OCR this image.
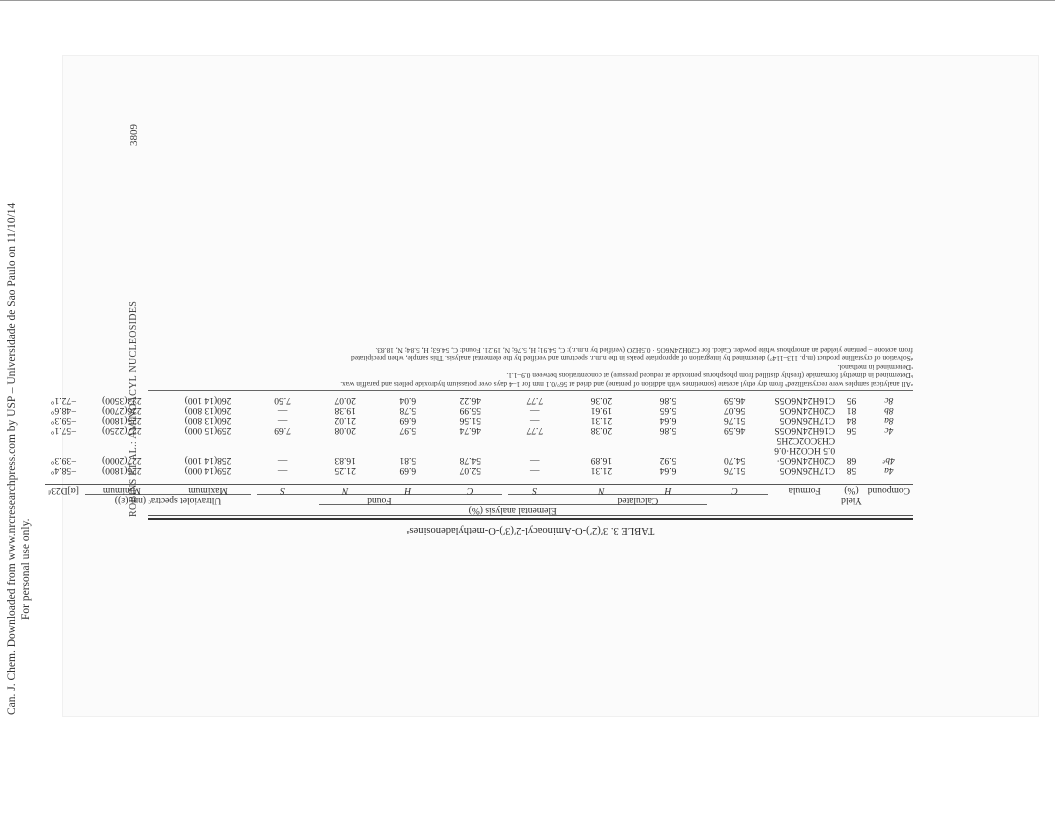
Can. J. Chem. Downloaded from www.nrcresearchpress.com by USP – Universidade de Sao Paulo on 11/10/14 For personal use only.
3809
ROBINS ET AL.: AMINOACYL NUCLEOSIDES
TABLE 3. 3′(2′)-O-Aminoacyl-2′(3′)-O-methyladenosinesᵃ
			Elemental analysis (%)										
	Yield		Calculated				Found				Ultraviolet spectraᶜ (nm (ε))		
Compound	(%)	Formula	C	H	N	S	C	H	N	S	Maximum	Minimum	[α]D23ᵈ

4a	58	C17H26N6O5	51.76	6.64	21.31	—	52.07	6.69	21.25	—	259(14 000)	226(1800)	−58.4°
4bᵉ	68	C20H24N6O5·	54.70	5.92	16.89	—	54.78	5.81	16.83	—	258(14 100)	227(2000)	−39.3°
		0.5 HCO2H·0.6											
		CH3CO2C2H5											
4c	56	C16H24N6O5S	46.59	5.86	20.38	7.77	46.74	5.97	20.08	7.69	259(15 000)	227(2250)	−57.1°
8a	84	C17H26N6O5	51.76	6.64	21.31	—	51.56	6.69	21.02	—	260(13 800)	225(1800)	−59.3°
8b	81	C20H24N6O5	56.07	5.65	19.61	—	55.99	5.78	19.38	—	260(13 800)	226(2700)	−48.6°
8c	95	C16H24N6O5S	46.59	5.86	20.36	7.77	46.22	6.04	20.07	7.50	260(14 100)	223(3500)	−72.1°
ᵃAll analytical samples were recrystallizedᵇ from dry ethyl acetate (sometimes with addition of pentane) and dried at 56°/0.1 mm for 1–4 days over potassium hydroxide pellets and paraffin wax.
ᵇDetermined in dimethyl formamide (freshly distilled from phosphorus pentoxide at reduced pressure) at concentrations between 0.9–1.1.
ᶜDetermined in methanol.
ᵈSolvation of crystalline product (m.p. 113–114°) determined by integration of appropriate peaks in the n.m.r. spectrum and verified by the elemental analysis. This sample, when precipitated
from acetone – pentane yielded an amorphous white powder. Calcd. for C20H24N6O5 · 0.5H2O (verified by n.m.r.): C, 54.91; H, 5.76; N, 19.21. Found: C, 54.63; H, 5.84; N, 18.83.
